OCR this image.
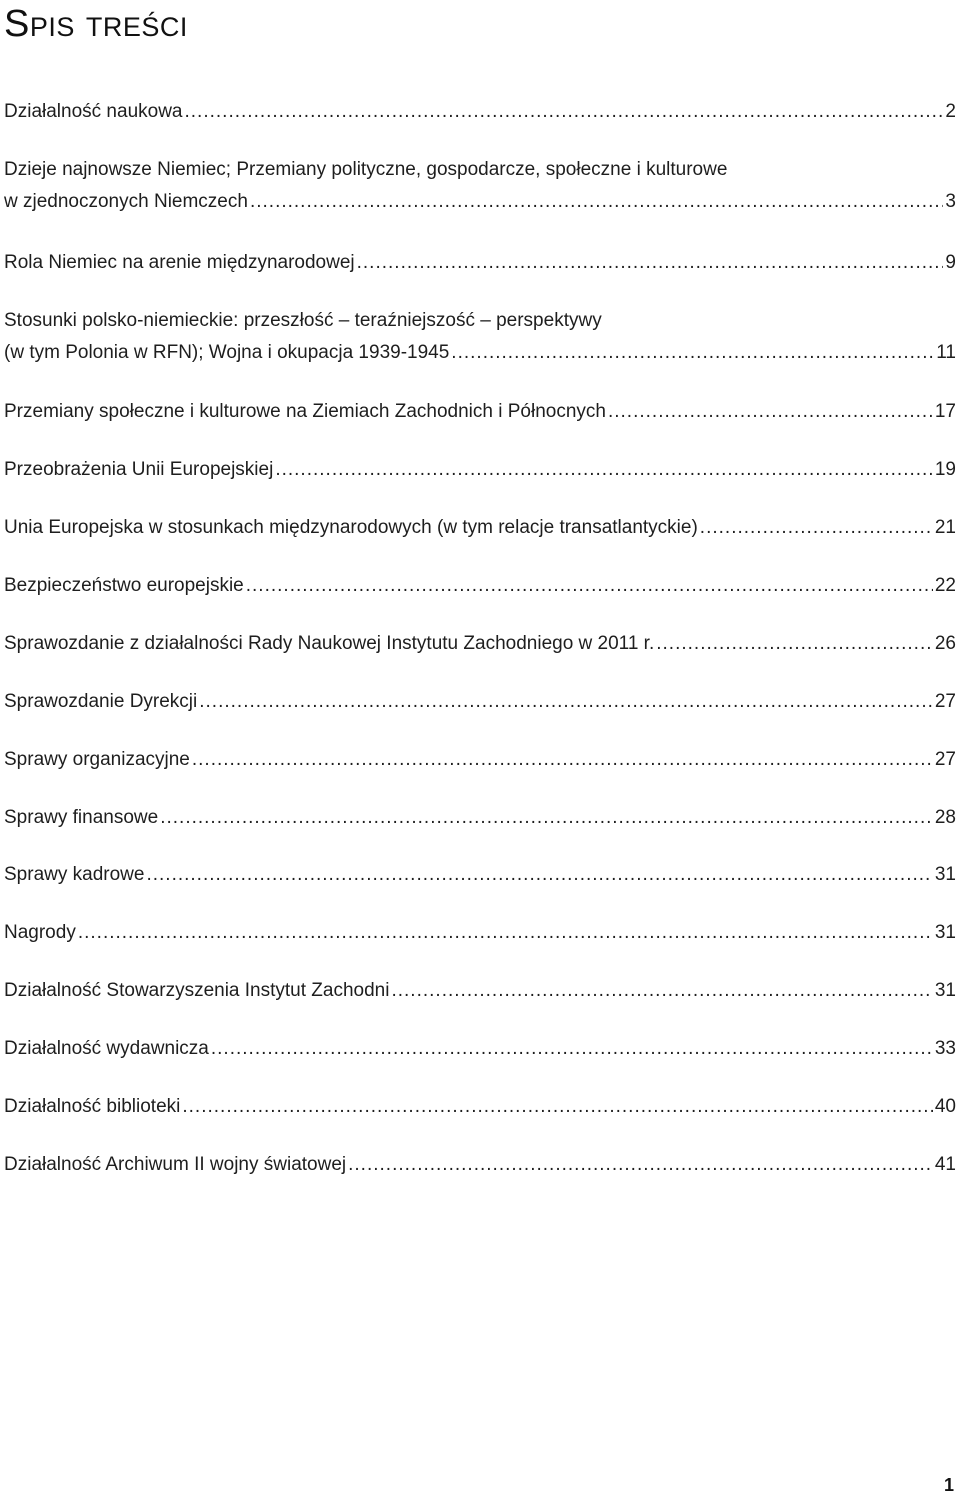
Spis treści
Działalność naukowa .....	2
Dzieje najnowsze Niemiec; Przemiany polityczne, gospodarcze, społeczne i kulturowe
w zjednoczonych Niemczech .....	3
Rola Niemiec na arenie międzynarodowej .....	9
Stosunki polsko-niemieckie: przeszłość – teraźniejszość – perspektywy
(w tym Polonia w RFN); Wojna i okupacja 1939-1945 .....	11
Przemiany społeczne i kulturowe na Ziemiach Zachodnich i Północnych .....	17
Przeobrażenia Unii Europejskiej .....	19
Unia Europejska w stosunkach międzynarodowych (w tym relacje transatlantyckie) .....	21
Bezpieczeństwo europejskie .....	22
Sprawozdanie z działalności Rady Naukowej Instytutu Zachodniego w 2011 r. .....	26
Sprawozdanie Dyrekcji .....	27
Sprawy organizacyjne .....	27
Sprawy finansowe .....	28
Sprawy kadrowe .....	31
Nagrody .....	31
Działalność Stowarzyszenia Instytut Zachodni .....	31
Działalność wydawnicza .....	33
Działalność biblioteki .....	40
Działalność Archiwum II wojny światowej .....	41
1
